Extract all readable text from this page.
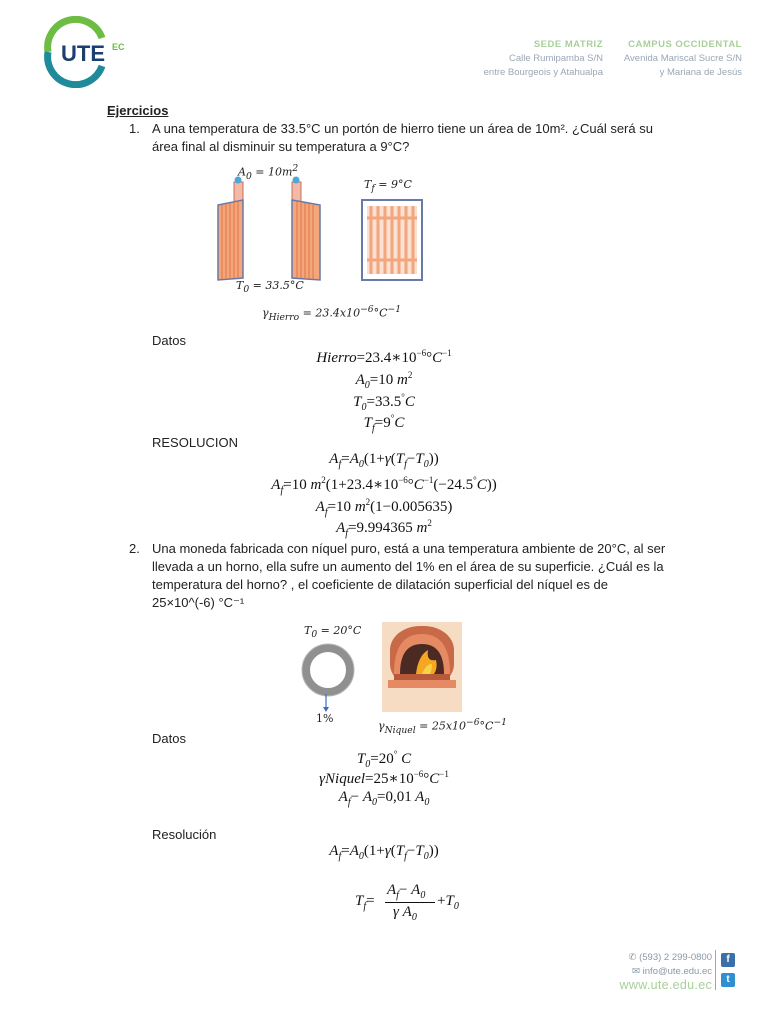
UTE EC	SEDE MATRIZ
Calle Rumipamba S/N
entre Bourgeois y Atahualpa
CAMPUS OCCIDENTAL
Avenida Mariscal Sucre S/N
y Mariana de Jesús
Ejercicios
1. A una temperatura de 33.5°C un portón de hierro tiene un área de 10m². ¿Cuál será su área final al disminuir su temperatura a 9°C?
$A_0 = 10m^2$
$T_f = 9^\circ C$
$T_0 = 33.5^\circ C$
$\gamma_{Hierro} = 23.4x10^{-6}^\circ C^{-1}$
Datos
$Hierro=23.4∗10^{-6}^\circ C^{-1}$
$A_0=10$ $m^2$
$T_0=33.5^\circ C$
$T_f=9^\circ C$
RESOLUCION
$A_f=A_0(1+\gamma(T_f-T_0))$
$A_f=10$ $m^2(1+23.4∗10^{-6}^\circ C^{-1}(-24.5^\circ C))$
$A_f=10$ $m^2(1-0.005635)$
$A_f=9.994365$ $m^2$
2. Una moneda fabricada con níquel puro, está a una temperatura ambiente de 20°C, al ser llevada a un horno, ella sufre un aumento del 1% en el área de su superficie. ¿Cuál es la temperatura del horno? , el coeficiente de dilatación superficial del níquel es de 25×10^(-6) °C⁻¹
$T_0 = 20^\circ C$
1%
$\gamma_{Niquel} = 25x10^{-6}^\circ C^{-1}$
Datos
$T_0=20^\circ$ C
$\gamma Niquel=25∗10^{-6}^\circ C^{-1}$
$A_f- A_0=0,01$ $A_0$
Resolución
$A_f=A_0(1+\gamma(T_f-T_0))$
$T_f=$
$A_f- A_0$
γ $A_0$
$+T_0$
✆ (593) 2 299-0800
✉ info@ute.edu.ec
www.ute.edu.ec
f
t
